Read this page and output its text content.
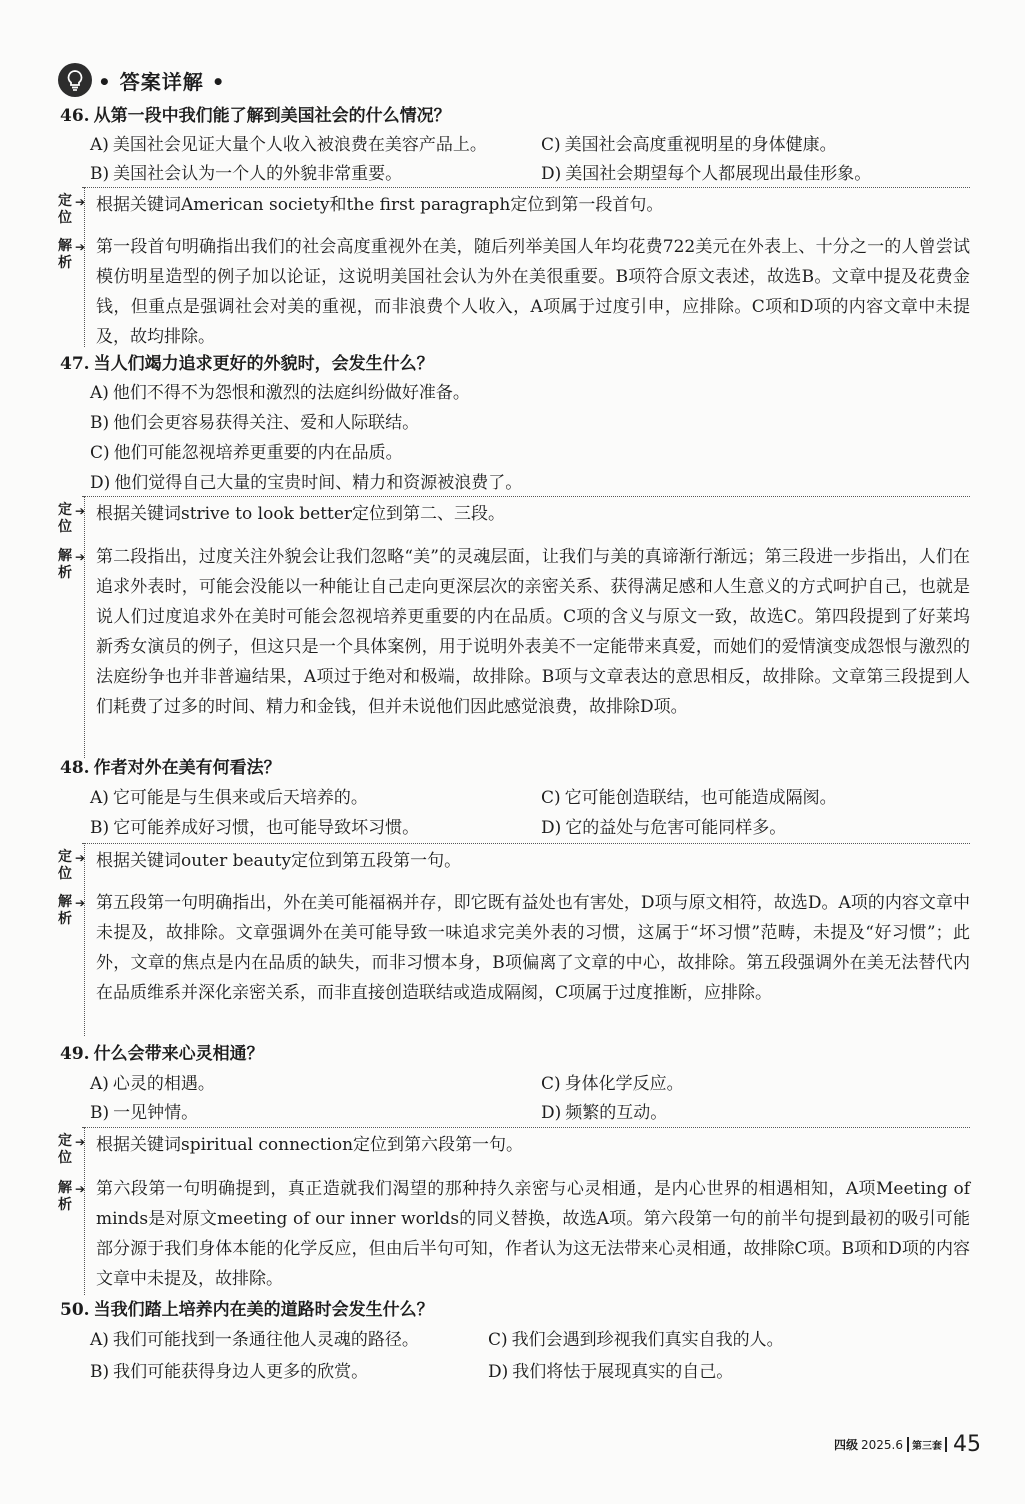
• 答案详解 •
46. 从第一段中我们能了解到美国社会的什么情况？
A) 美国社会见证大量个人收入被浪费在美容产品上。	C) 美国社会高度重视明星的身体健康。
B) 美国社会认为一个人的外貌非常重要。	D) 美国社会期望每个人都展现出最佳形象。
定
位
➔ 根据关键词American society和the first paragraph定位到第一段首句。
解
析
➔ 第一段首句明确指出我们的社会高度重视外在美，随后列举美国人年均花费722美元在外表上、十分之一的人曾尝试模仿明星造型的例子加以论证，这说明美国社会认为外在美很重要。B项符合原文表述，故选B。文章中提及花费金钱，但重点是强调社会对美的重视，而非浪费个人收入，A项属于过度引申，应排除。C项和D项的内容文章中未提及，故均排除。
47. 当人们竭力追求更好的外貌时，会发生什么？
A) 他们不得不为怨恨和激烈的法庭纠纷做好准备。
B) 他们会更容易获得关注、爱和人际联结。
C) 他们可能忽视培养更重要的内在品质。
D) 他们觉得自己大量的宝贵时间、精力和资源被浪费了。
定
位
➔ 根据关键词strive to look better定位到第二、三段。
解
析
➔ 第二段指出，过度关注外貌会让我们忽略“美”的灵魂层面，让我们与美的真谛渐行渐远；第三段进一步指出，人们在追求外表时，可能会没能以一种能让自己走向更深层次的亲密关系、获得满足感和人生意义的方式呵护自己，也就是说人们过度追求外在美时可能会忽视培养更重要的内在品质。C项的含义与原文一致，故选C。第四段提到了好莱坞新秀女演员的例子，但这只是一个具体案例，用于说明外表美不一定能带来真爱，而她们的爱情演变成怨恨与激烈的法庭纷争也并非普遍结果，A项过于绝对和极端，故排除。B项与文章表达的意思相反，故排除。文章第三段提到人们耗费了过多的时间、精力和金钱，但并未说他们因此感觉浪费，故排除D项。
48. 作者对外在美有何看法？
A) 它可能是与生俱来或后天培养的。	C) 它可能创造联结，也可能造成隔阂。
B) 它可能养成好习惯，也可能导致坏习惯。	D) 它的益处与危害可能同样多。
定
位
➔ 根据关键词outer beauty定位到第五段第一句。
解
析
➔ 第五段第一句明确指出，外在美可能福祸并存，即它既有益处也有害处，D项与原文相符，故选D。A项的内容文章中未提及，故排除。文章强调外在美可能导致一味追求完美外表的习惯，这属于“坏习惯”范畴，未提及“好习惯”；此外，文章的焦点是内在品质的缺失，而非习惯本身，B项偏离了文章的中心，故排除。第五段强调外在美无法替代内在品质维系并深化亲密关系，而非直接创造联结或造成隔阂，C项属于过度推断，应排除。
49. 什么会带来心灵相通？
A) 心灵的相遇。	C) 身体化学反应。
B) 一见钟情。	D) 频繁的互动。
定
位
➔ 根据关键词spiritual connection定位到第六段第一句。
解
析
➔ 第六段第一句明确提到，真正造就我们渴望的那种持久亲密与心灵相通，是内心世界的相遇相知，A项Meeting of minds是对原文meeting of our inner worlds的同义替换，故选A项。第六段第一句的前半句提到最初的吸引可能部分源于我们身体本能的化学反应，但由后半句可知，作者认为这无法带来心灵相通，故排除C项。B项和D项的内容文章中未提及，故排除。
50. 当我们踏上培养内在美的道路时会发生什么？
A) 我们可能找到一条通往他人灵魂的路径。	C) 我们会遇到珍视我们真实自我的人。
B) 我们可能获得身边人更多的欣赏。	D) 我们将怯于展现真实的自己。
四级 2025.6 第三套 45
